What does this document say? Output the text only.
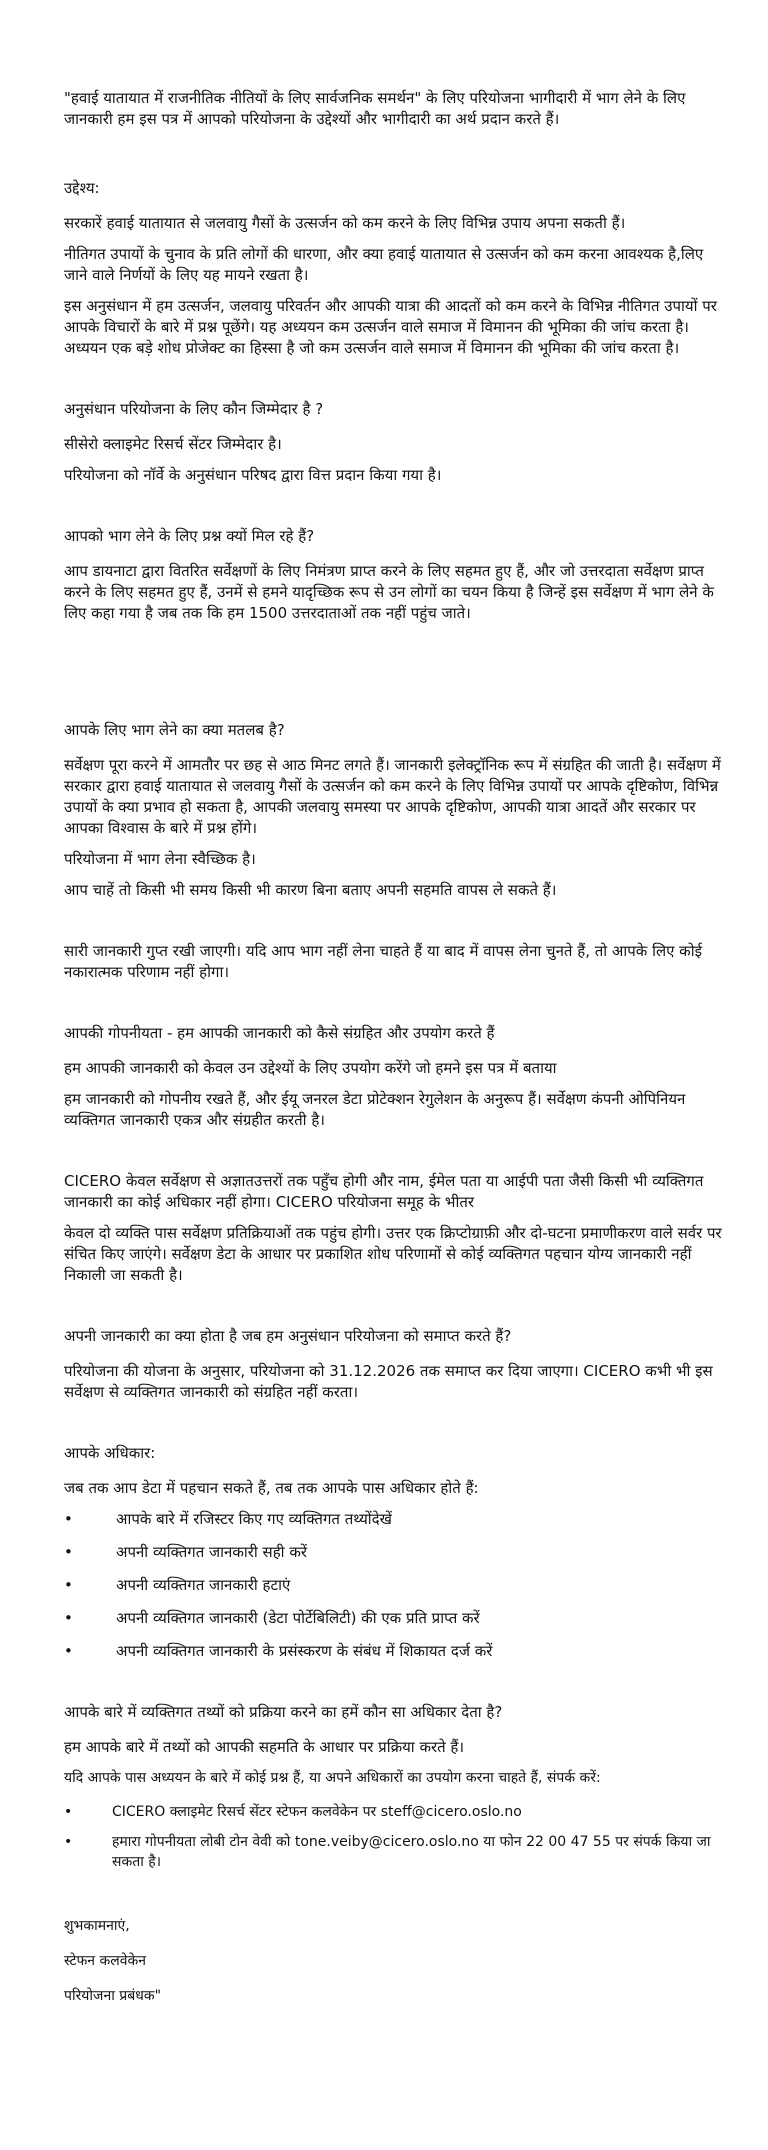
"हवाई यातायात में राजनीतिक नीतियों के लिए सार्वजनिक समर्थन" के लिए परियोजना भागीदारी में भाग लेने के लिए जानकारी हम इस पत्र में आपको परियोजना के उद्देश्यों और भागीदारी का अर्थ प्रदान करते हैं।

उद्देश्य:

सरकारें हवाई यातायात से जलवायु गैसों के उत्सर्जन को कम करने के लिए विभिन्न उपाय अपना सकती हैं।

नीतिगत उपायों के चुनाव के प्रति लोगों की धारणा, और क्या हवाई यातायात से उत्सर्जन को कम करना आवश्यक है,लिए जाने वाले निर्णयों के लिए यह मायने रखता है।

इस अनुसंधान में हम उत्सर्जन, जलवायु परिवर्तन और आपकी यात्रा की आदतों को कम करने के विभिन्न नीतिगत उपायों पर आपके विचारों के बारे में प्रश्न पूछेंगे। यह अध्ययन कम उत्सर्जन वाले समाज में विमानन की भूमिका की जांच करता है।अध्ययन एक बड़े शोध प्रोजेक्ट का हिस्सा है जो कम उत्सर्जन वाले समाज में विमानन की भूमिका की जांच करता है।

अनुसंधान परियोजना के लिए कौन जिम्मेदार है ?

सीसेरो क्लाइमेट रिसर्च सेंटर जिम्मेदार है।

परियोजना को नॉर्वे के अनुसंधान परिषद द्वारा वित्त प्रदान किया गया है।

आपको भाग लेने के लिए प्रश्न क्यों मिल रहे हैं?

आप डायनाटा द्वारा वितरित सर्वेक्षणों के लिए निमंत्रण प्राप्त करने के लिए सहमत हुए हैं, और जो उत्तरदाता सर्वेक्षण प्राप्त करने के लिए सहमत हुए हैं, उनमें से हमने यादृच्छिक रूप से उन लोगों का चयन किया है जिन्हें इस सर्वेक्षण में भाग लेने के लिए कहा गया है जब तक कि हम 1500 उत्तरदाताओं तक नहीं पहुंच जाते।

आपके लिए भाग लेने का क्या मतलब है?

सर्वेक्षण पूरा करने में आमतौर पर छह से आठ मिनट लगते हैं। जानकारी इलेक्ट्रॉनिक रूप में संग्रहित की जाती है। सर्वेक्षण में सरकार द्वारा हवाई यातायात से जलवायु गैसों के उत्सर्जन को कम करने के लिए विभिन्न उपायों पर आपके दृष्टिकोण, विभिन्न उपायों के क्या प्रभाव हो सकता है, आपकी जलवायु समस्या पर आपके दृष्टिकोण, आपकी यात्रा आदतें और सरकार पर आपका विश्वास के बारे में प्रश्न होंगे।

परियोजना में भाग लेना स्वैच्छिक है।

आप चाहें तो किसी भी समय किसी भी कारण बिना बताए अपनी सहमति वापस ले सकते हैं।

सारी जानकारी गुप्त रखी जाएगी। यदि आप भाग नहीं लेना चाहते हैं या बाद में वापस लेना चुनते हैं, तो आपके लिए कोई नकारात्मक परिणाम नहीं होगा।

आपकी गोपनीयता - हम आपकी जानकारी को कैसे संग्रहित और उपयोग करते हैं

हम आपकी जानकारी को केवल उन उद्देश्यों के लिए उपयोग करेंगे जो हमने इस पत्र में बताया

हम जानकारी को गोपनीय रखते हैं, और ईयू जनरल डेटा प्रोटेक्शन रेगुलेशन के अनुरूप हैं। सर्वेक्षण कंपनी ओपिनियन व्यक्तिगत जानकारी एकत्र और संग्रहीत करती है।

CICERO केवल सर्वेक्षण से अज्ञातउत्तरों तक पहुँच होगी और नाम, ईमेल पता या आईपी पता जैसी किसी भी व्यक्तिगत जानकारी का कोई अधिकार नहीं होगा। CICERO परियोजना समूह के भीतर

केवल दो व्यक्ति पास सर्वेक्षण प्रतिक्रियाओं तक पहुंच होगी। उत्तर एक क्रिप्टोग्राफ़ी और दो-घटना प्रमाणीकरण वाले सर्वर पर संचित किए जाएंगे। सर्वेक्षण डेटा के आधार पर प्रकाशित शोध परिणामों से कोई व्यक्तिगत पहचान योग्य जानकारी नहीं निकाली जा सकती है।

अपनी जानकारी का क्या होता है जब हम अनुसंधान परियोजना को समाप्त करते हैं?

परियोजना की योजना के अनुसार, परियोजना को 31.12.2026 तक समाप्त कर दिया जाएगा। CICERO कभी भी इस सर्वेक्षण से व्यक्तिगत जानकारी को संग्रहित नहीं करता।

आपके अधिकार:

जब तक आप डेटा में पहचान सकते हैं, तब तक आपके पास अधिकार होते हैं:

•	आपके बारे में रजिस्टर किए गए व्यक्तिगत तथ्योंदेखें
•	अपनी व्यक्तिगत जानकारी सही करें
•	अपनी व्यक्तिगत जानकारी हटाएं
•	अपनी व्यक्तिगत जानकारी (डेटा पोर्टेबिलिटी) की एक प्रति प्राप्त करें
•	अपनी व्यक्तिगत जानकारी के प्रसंस्करण के संबंध में शिकायत दर्ज करें

आपके बारे में व्यक्तिगत तथ्यों को प्रक्रिया करने का हमें कौन सा अधिकार देता है?

हम आपके बारे में तथ्यों को आपकी सहमति के आधार पर प्रक्रिया करते हैं।

यदि आपके पास अध्ययन के बारे में कोई प्रश्न हैं, या अपने अधिकारों का उपयोग करना चाहते हैं, संपर्क करें:

•	CICERO क्लाइमेट रिसर्च सेंटर स्टेफन कलवेकेन पर steff@cicero.oslo.no
•	हमारा गोपनीयता लोबी टोन वेवी को tone.veiby@cicero.oslo.no या फोन 22 00 47 55 पर संपर्क किया जा सकता है।

शुभकामनाएं,

स्टेफन कलवेकेन

परियोजना प्रबंधक"
